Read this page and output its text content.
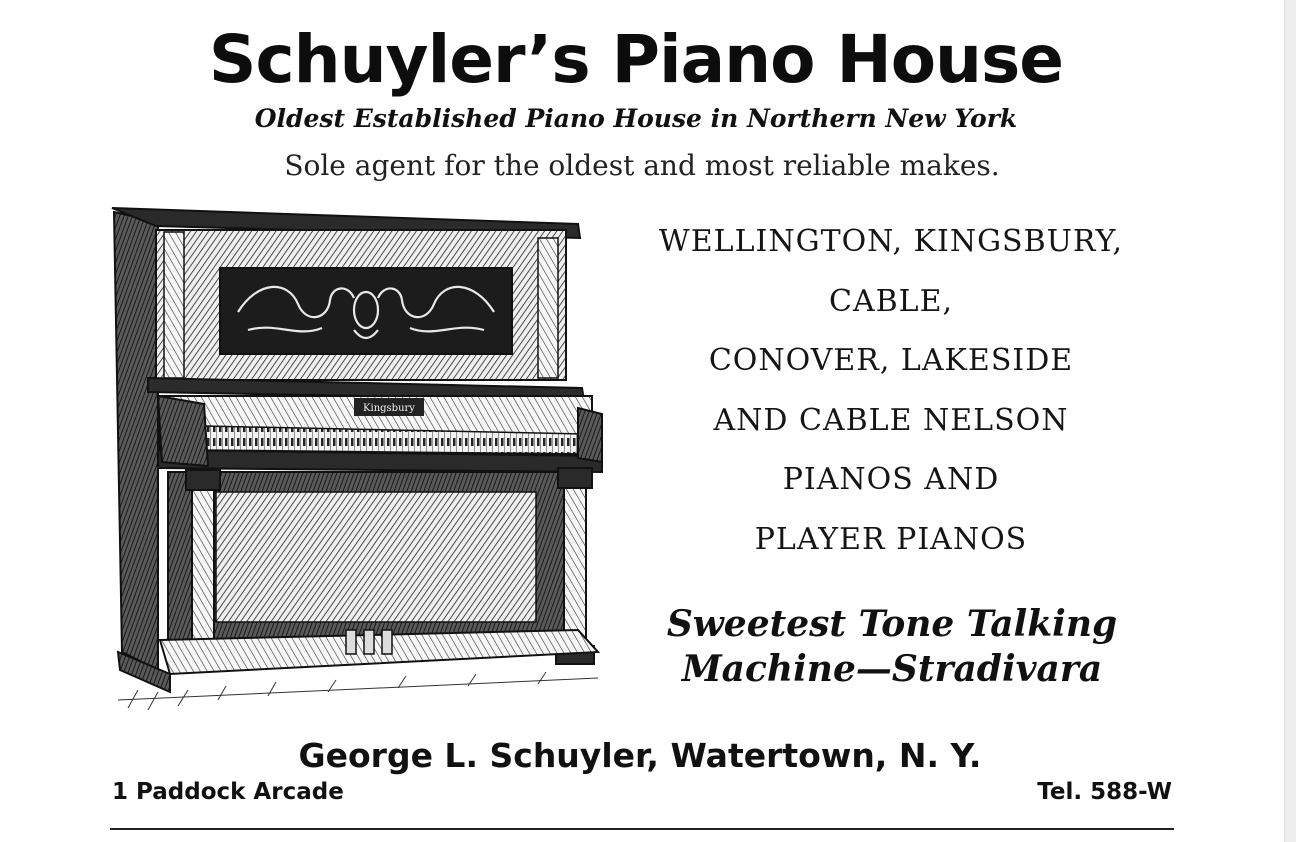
Schuyler’s Piano House
Oldest Established Piano House in Northern New York
Sole agent for the oldest and most reliable makes.
Kingsbury
WELLINGTON, KINGSBURY,
CABLE,
CONOVER, LAKESIDE
AND CABLE NELSON
PIANOS AND
PLAYER PIANOS
Sweetest Tone Talking
Machine—Stradivara
George L. Schuyler, Watertown, N. Y.
1 Paddock Arcade	Tel. 588-W
